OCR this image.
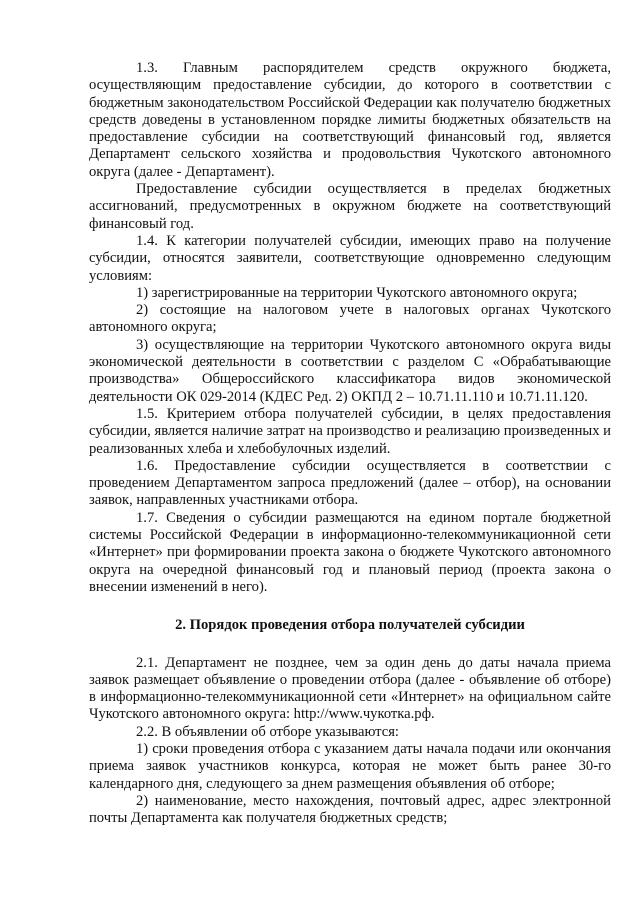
1.3. Главным распорядителем средств окружного бюджета, осуществляющим предоставление субсидии, до которого в соответствии с бюджетным законодательством Российской Федерации как получателю бюджетных средств доведены в установленном порядке лимиты бюджетных обязательств на предоставление субсидии на соответствующий финансовый год, является Департамент сельского хозяйства и продовольствия Чукотского автономного округа (далее - Департамент).

Предоставление субсидии осуществляется в пределах бюджетных ассигнований, предусмотренных в окружном бюджете на соответствующий финансовый год.

1.4. К категории получателей субсидии, имеющих право на получение субсидии, относятся заявители, соответствующие одновременно следующим условиям:

1) зарегистрированные на территории Чукотского автономного округа;

2) состоящие на налоговом учете в налоговых органах Чукотского автономного округа;

3) осуществляющие на территории Чукотского автономного округа виды экономической деятельности в соответствии с разделом С «Обрабатывающие производства» Общероссийского классификатора видов экономической деятельности ОК 029-2014 (КДЕС Ред. 2) ОКПД 2 – 10.71.11.110 и 10.71.11.120.

1.5. Критерием отбора получателей субсидии, в целях предоставления субсидии, является наличие затрат на производство и реализацию произведенных и реализованных хлеба и хлебобулочных изделий.

1.6. Предоставление субсидии осуществляется в соответствии с проведением Департаментом запроса предложений (далее – отбор), на основании заявок, направленных участниками отбора.

1.7. Сведения о субсидии размещаются на едином портале бюджетной системы Российской Федерации в информационно-телекоммуникационной сети «Интернет» при формировании проекта закона о бюджете Чукотского автономного округа на очередной финансовый год и плановый период (проекта закона о внесении изменений в него).

2. Порядок проведения отбора получателей субсидии

2.1. Департамент не позднее, чем за один день до даты начала приема заявок размещает объявление о проведении отбора (далее - объявление об отборе) в информационно-телекоммуникационной сети «Интернет» на официальном сайте Чукотского автономного округа: http://www.чукотка.рф.

2.2. В объявлении об отборе указываются:

1) сроки проведения отбора с указанием даты начала подачи или окончания приема заявок участников конкурса, которая не может быть ранее 30-го календарного дня, следующего за днем размещения объявления об отборе;

2) наименование, место нахождения, почтовый адрес, адрес электронной почты Департамента как получателя бюджетных средств;
